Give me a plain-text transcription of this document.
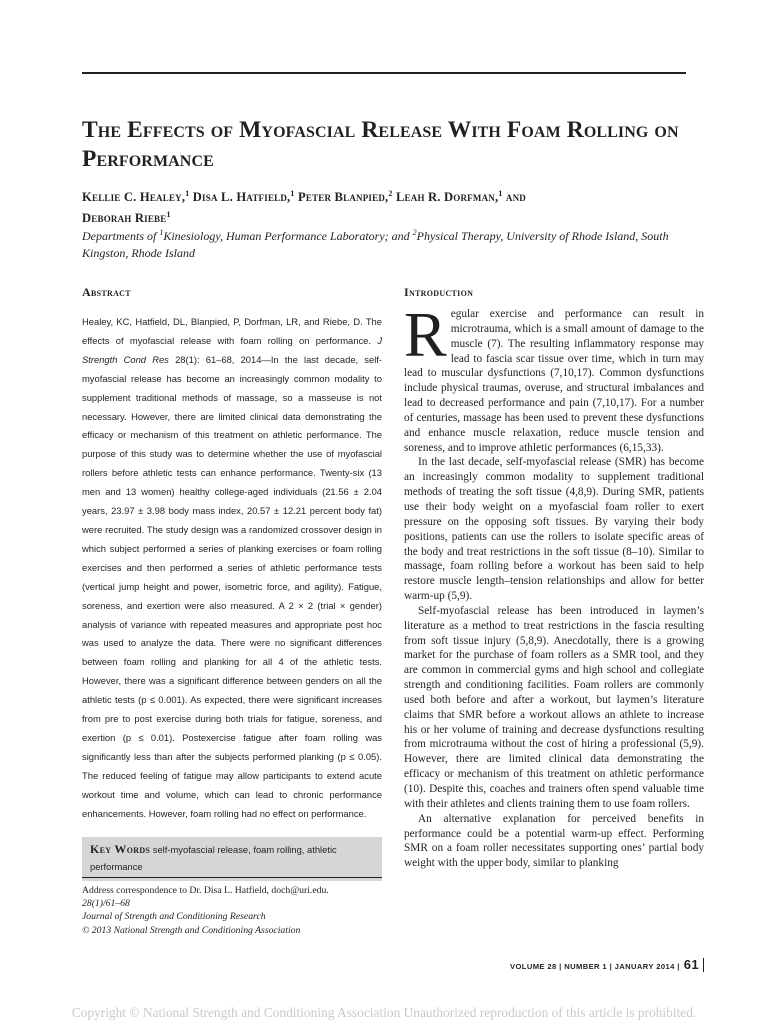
The Effects of Myofascial Release With Foam Rolling on Performance
Kellie C. Healey,$^1$ Disa L. Hatfield,$^1$ Peter Blanpied,$^2$ Leah R. Dorfman,$^1$ and
Deborah Riebe$^1$
Departments of $^1$Kinesiology, Human Performance Laboratory; and $^2$Physical Therapy, University of Rhode Island, South Kingston, Rhode Island
Abstract
Healey, KC, Hatfield, DL, Blanpied, P, Dorfman, LR, and Riebe, D. The effects of myofascial release with foam rolling on performance. J Strength Cond Res 28(1): 61–68, 2014—In the last decade, self-myofascial release has become an increasingly common modality to supplement traditional methods of massage, so a masseuse is not necessary. However, there are limited clinical data demonstrating the efficacy or mechanism of this treatment on athletic performance. The purpose of this study was to determine whether the use of myofascial rollers before athletic tests can enhance performance. Twenty-six (13 men and 13 women) healthy college-aged individuals (21.56 ± 2.04 years, 23.97 ± 3.98 body mass index, 20.57 ± 12.21 percent body fat) were recruited. The study design was a randomized crossover design in which subject performed a series of planking exercises or foam rolling exercises and then performed a series of athletic performance tests (vertical jump height and power, isometric force, and agility). Fatigue, soreness, and exertion were also measured. A 2 × 2 (trial × gender) analysis of variance with repeated measures and appropriate post hoc was used to analyze the data. There were no significant differences between foam rolling and planking for all 4 of the athletic tests. However, there was a significant difference between genders on all the athletic tests (p ≤ 0.001). As expected, there were significant increases from pre to post exercise during both trials for fatigue, soreness, and exertion (p ≤ 0.01). Postexercise fatigue after foam rolling was significantly less than after the subjects performed planking (p ≤ 0.05). The reduced feeling of fatigue may allow participants to extend acute workout time and volume, which can lead to chronic performance enhancements. However, foam rolling had no effect on performance.
Key Words self-myofascial release, foam rolling, athletic performance
Address correspondence to Dr. Disa L. Hatfield, doch@uri.edu.
28(1)/61–68
Journal of Strength and Conditioning Research
© 2013 National Strength and Conditioning Association
Introduction

Regular exercise and performance can result in microtrauma, which is a small amount of damage to the muscle (7). The resulting inflammatory response may lead to fascia scar tissue over time, which in turn may lead to muscular dysfunctions (7,10,17). Common dysfunctions include physical traumas, overuse, and structural imbalances and lead to decreased performance and pain (7,10,17). For a number of centuries, massage has been used to prevent these dysfunctions and enhance muscle relaxation, reduce muscle tension and soreness, and to improve athletic performances (6,15,33).

In the last decade, self-myofascial release (SMR) has become an increasingly common modality to supplement traditional methods of treating the soft tissue (4,8,9). During SMR, patients use their body weight on a myofascial foam roller to exert pressure on the opposing soft tissues. By varying their body positions, patients can use the rollers to isolate specific areas of the body and treat restrictions in the soft tissue (8–10). Similar to massage, foam rolling before a workout has been said to help restore muscle length–tension relationships and allow for better warm-up (5,9).

Self-myofascial release has been introduced in laymen’s literature as a method to treat restrictions in the fascia resulting from soft tissue injury (5,8,9). Anecdotally, there is a growing market for the purchase of foam rollers as a SMR tool, and they are common in commercial gyms and high school and collegiate strength and conditioning facilities. Foam rollers are commonly used both before and after a workout, but laymen’s literature claims that SMR before a workout allows an athlete to increase his or her volume of training and decrease dysfunctions resulting from microtrauma without the cost of hiring a professional (5,9). However, there are limited clinical data demonstrating the efficacy or mechanism of this treatment on athletic performance (10). Despite this, coaches and trainers often spend valuable time with their athletes and clients training them to use foam rollers.

An alternative explanation for perceived benefits in performance could be a potential warm-up effect. Performing SMR on a foam roller necessitates supporting ones’ partial body weight with the upper body, similar to planking

VOLUME 28 | NUMBER 1 | JANUARY 2014 | 61
Copyright © National Strength and Conditioning Association Unauthorized reproduction of this article is prohibited.
